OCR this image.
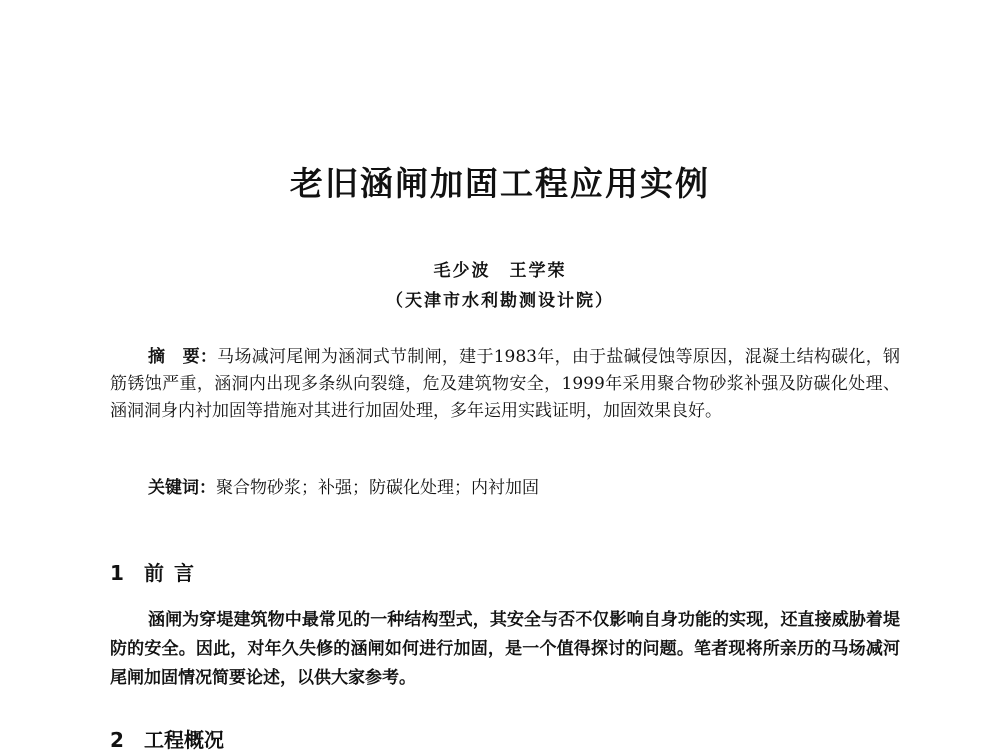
老旧涵闸加固工程应用实例
毛少波　王学荣
（天津市水利勘测设计院）

摘　要：马场减河尾闸为涵洞式节制闸，建于1983年，由于盐碱侵蚀等原因，混凝土结构碳化，钢筋锈蚀严重，涵洞内出现多条纵向裂缝，危及建筑物安全，1999年采用聚合物砂浆补强及防碳化处理、涵洞洞身内衬加固等措施对其进行加固处理，多年运用实践证明，加固效果良好。

关键词：聚合物砂浆；补强；防碳化处理；内衬加固

1 前言

涵闸为穿堤建筑物中最常见的一种结构型式，其安全与否不仅影响自身功能的实现，还直接威胁着堤防的安全。因此，对年久失修的涵闸如何进行加固，是一个值得探讨的问题。笔者现将所亲历的马场减河尾闸加固情况简要论述，以供大家参考。

2 工程概况
